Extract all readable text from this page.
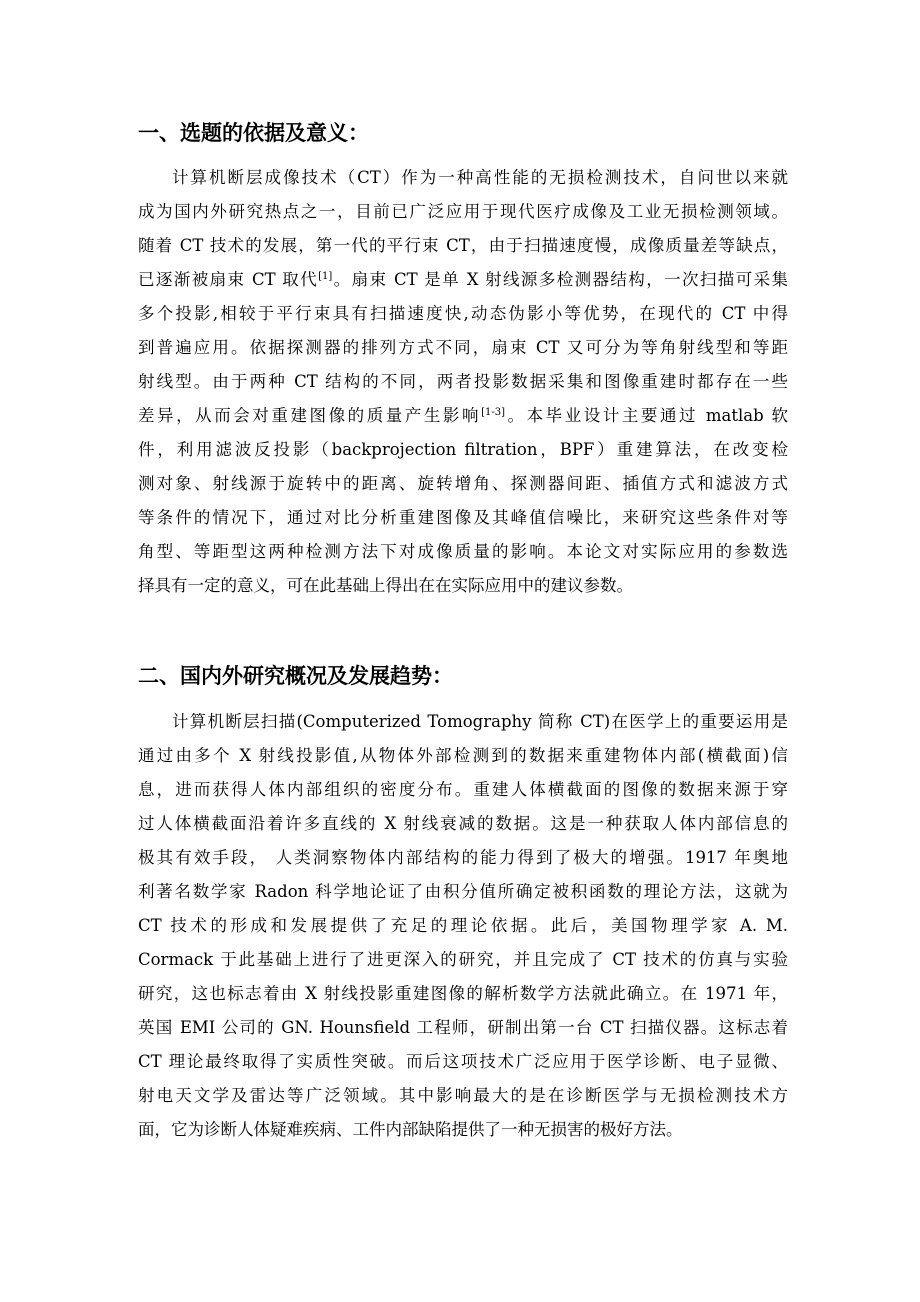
一、选题的依据及意义：
计算机断层成像技术（CT）作为一种高性能的无损检测技术，自问世以来就
成为国内外研究热点之一，目前已广泛应用于现代医疗成像及工业无损检测领域。
随着 CT 技术的发展，第一代的平行束 CT，由于扫描速度慢，成像质量差等缺点，
已逐渐被扇束 CT 取代[1]。扇束 CT 是单 X 射线源多检测器结构，一次扫描可采集
多个投影,相较于平行束具有扫描速度快,动态伪影小等优势，在现代的 CT 中得
到普遍应用。依据探测器的排列方式不同，扇束 CT 又可分为等角射线型和等距
射线型。由于两种 CT 结构的不同，两者投影数据采集和图像重建时都存在一些
差异，从而会对重建图像的质量产生影响[1-3]。本毕业设计主要通过 matlab 软
件，利用滤波反投影（backprojection filtration，BPF）重建算法，在改变检
测对象、射线源于旋转中的距离、旋转增角、探测器间距、插值方式和滤波方式
等条件的情况下，通过对比分析重建图像及其峰值信噪比，来研究这些条件对等
角型、等距型这两种检测方法下对成像质量的影响。本论文对实际应用的参数选
择具有一定的意义，可在此基础上得出在在实际应用中的建议参数。
二、国内外研究概况及发展趋势：
计算机断层扫描(Computerized Tomography 简称 CT)在医学上的重要运用是
通过由多个 X 射线投影值,从物体外部检测到的数据来重建物体内部(横截面)信
息，进而获得人体内部组织的密度分布。重建人体横截面的图像的数据来源于穿
过人体横截面沿着许多直线的 X 射线衰减的数据。这是一种获取人体内部信息的
极其有效手段， 人类洞察物体内部结构的能力得到了极大的增强。1917 年奥地
利著名数学家 Radon 科学地论证了由积分值所确定被积函数的理论方法，这就为
CT 技术的形成和发展提供了充足的理论依据。此后，美国物理学家 A. M.
Cormack 于此基础上进行了进更深入的研究，并且完成了 CT 技术的仿真与实验
研究，这也标志着由 X 射线投影重建图像的解析数学方法就此确立。在 1971 年，
英国 EMI 公司的 GN. Hounsfield 工程师，研制出第一台 CT 扫描仪器。这标志着
CT 理论最终取得了实质性突破。而后这项技术广泛应用于医学诊断、电子显微、
射电天文学及雷达等广泛领域。其中影响最大的是在诊断医学与无损检测技术方
面，它为诊断人体疑难疾病、工件内部缺陷提供了一种无损害的极好方法。
